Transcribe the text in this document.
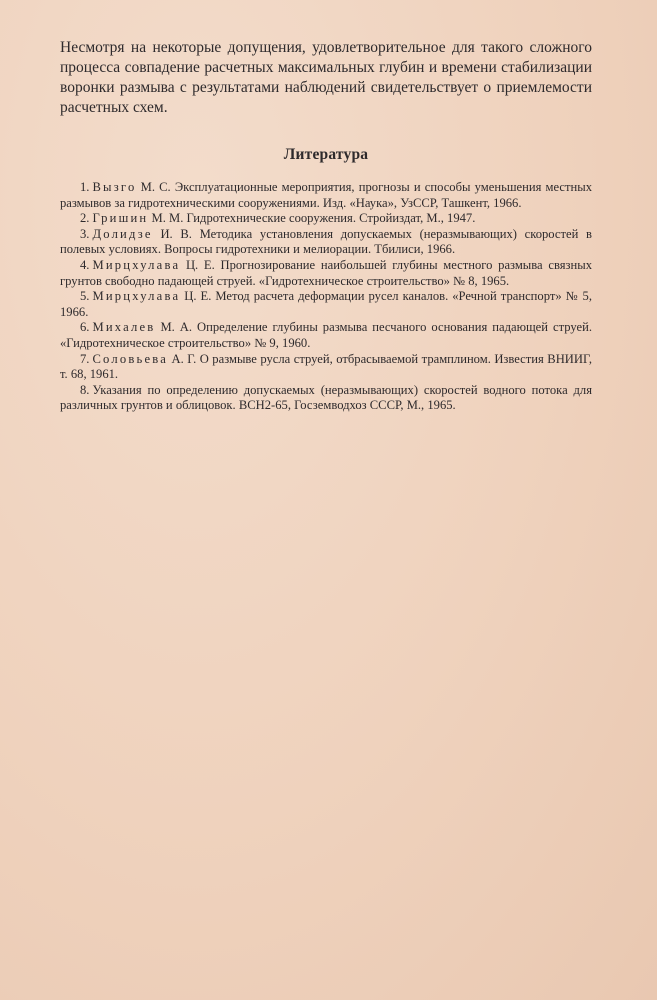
Несмотря на некоторые допущения, удовлетворительное для такого сложного процесса совпадение расчетных максимальных глубин и времени стабилизации воронки размыва с результатами наблюдений свидетельствует о приемлемости расчетных схем.

Литература
1. Вызго М. С. Эксплуатационные мероприятия, прогнозы и способы уменьшения местных размывов за гидротехническими сооружениями. Изд. «Наука», УзССР, Ташкент, 1966.
2. Гришин М. М. Гидротехнические сооружения. Стройиздат, М., 1947.
3. Долидзе И. В. Методика установления допускаемых (неразмывающих) скоростей в полевых условиях. Вопросы гидротехники и мелиорации. Тбилиси, 1966.
4. Мирцхулава Ц. Е. Прогнозирование наибольшей глубины местного размыва связных грунтов свободно падающей струей. «Гидротехническое строительство» № 8, 1965.
5. Мирцхулава Ц. Е. Метод расчета деформации русел каналов. «Речной транспорт» № 5, 1966.
6. Михалев М. А. Определение глубины размыва песчаного основания падающей струей. «Гидротехническое строительство» № 9, 1960.
7. Соловьева А. Г. О размыве русла струей, отбрасываемой трамплином. Известия ВНИИГ, т. 68, 1961.
8. Указания по определению допускаемых (неразмывающих) скоростей водного потока для различных грунтов и облицовок. ВСН2-65, Госземводхоз СССР, М., 1965.
